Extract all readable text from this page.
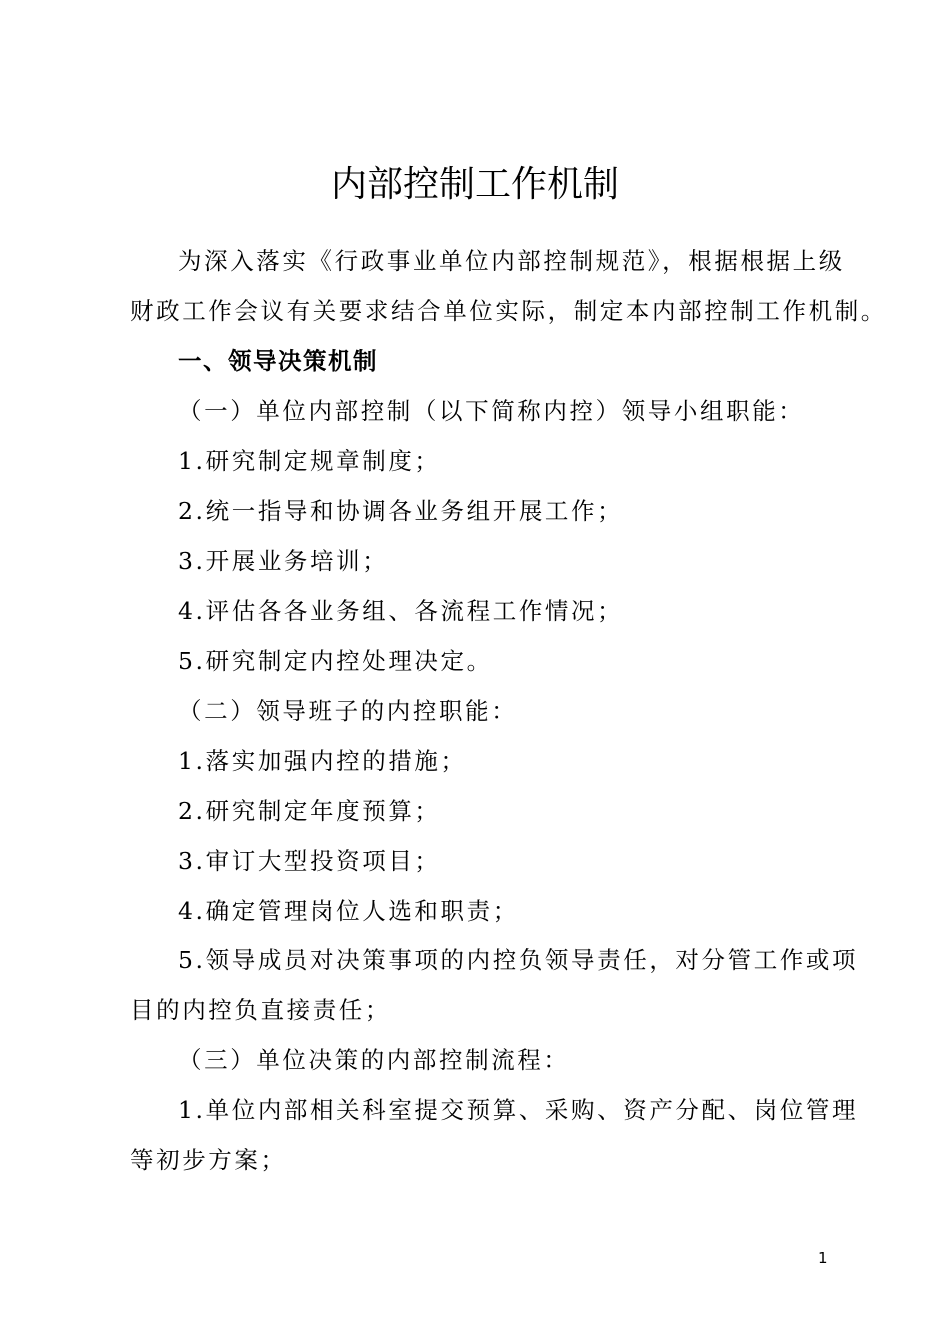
内部控制工作机制
为深入落实《行政事业单位内部控制规范》，根据根据上级
财政工作会议有关要求结合单位实际，制定本内部控制工作机制。
一、领导决策机制
（一）单位内部控制（以下简称内控）领导小组职能：
1.研究制定规章制度；
2.统一指导和协调各业务组开展工作；
3.开展业务培训；
4.评估各各业务组、各流程工作情况；
5.研究制定内控处理决定。
（二）领导班子的内控职能：
1.落实加强内控的措施；
2.研究制定年度预算；
3.审订大型投资项目；
4.确定管理岗位人选和职责；
5.领导成员对决策事项的内控负领导责任，对分管工作或项
目的内控负直接责任；
（三）单位决策的内部控制流程：
1.单位内部相关科室提交预算、采购、资产分配、岗位管理
等初步方案；
1
